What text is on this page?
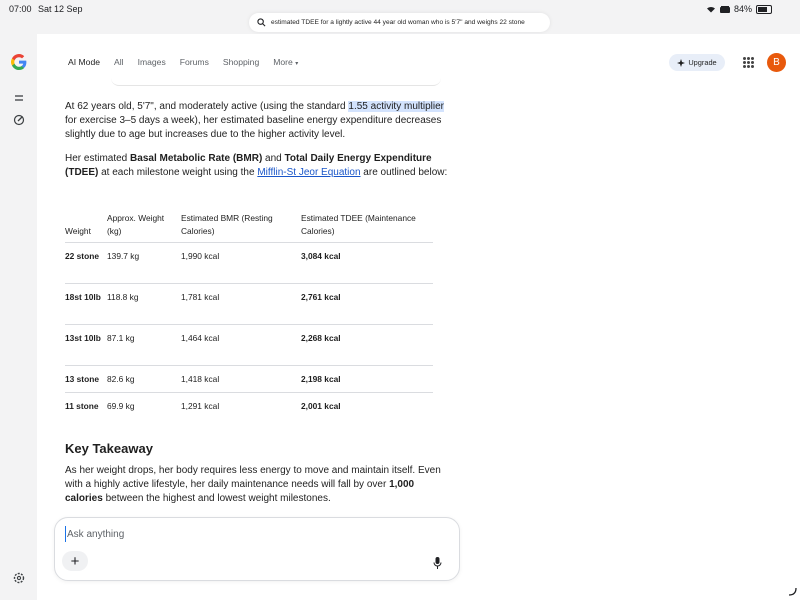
07:00 Sat 12 Sep	84%
estimated TDEE for a lightly active 44 year old woman who is 5'7" and weighs 22 stone
AI Mode All Images Forums Shopping More ▾	Upgrade	B

At 62 years old, 5'7", and moderately active (using the standard 1.55 activity multiplier for exercise 3–5 days a week), her estimated baseline energy expenditure decreases slightly due to age but increases due to the higher activity level.

Her estimated Basal Metabolic Rate (BMR) and Total Daily Energy Expenditure (TDEE) at each milestone weight using the Mifflin-St Jeor Equation are outlined below:

Weight	Approx. Weight (kg)	Estimated BMR (Resting Calories)	Estimated TDEE (Maintenance Calories)
22 stone	139.7 kg	1,990 kcal	3,084 kcal
18st 10lb	118.8 kg	1,781 kcal	2,761 kcal
13st 10lb	87.1 kg	1,464 kcal	2,268 kcal
13 stone	82.6 kg	1,418 kcal	2,198 kcal
11 stone	69.9 kg	1,291 kcal	2,001 kcal
Key Takeaway

As her weight drops, her body requires less energy to move and maintain itself. Even with a highly active lifestyle, her daily maintenance needs will fall by over 1,000 calories between the highest and lowest weight milestones.

Ask anything
+
